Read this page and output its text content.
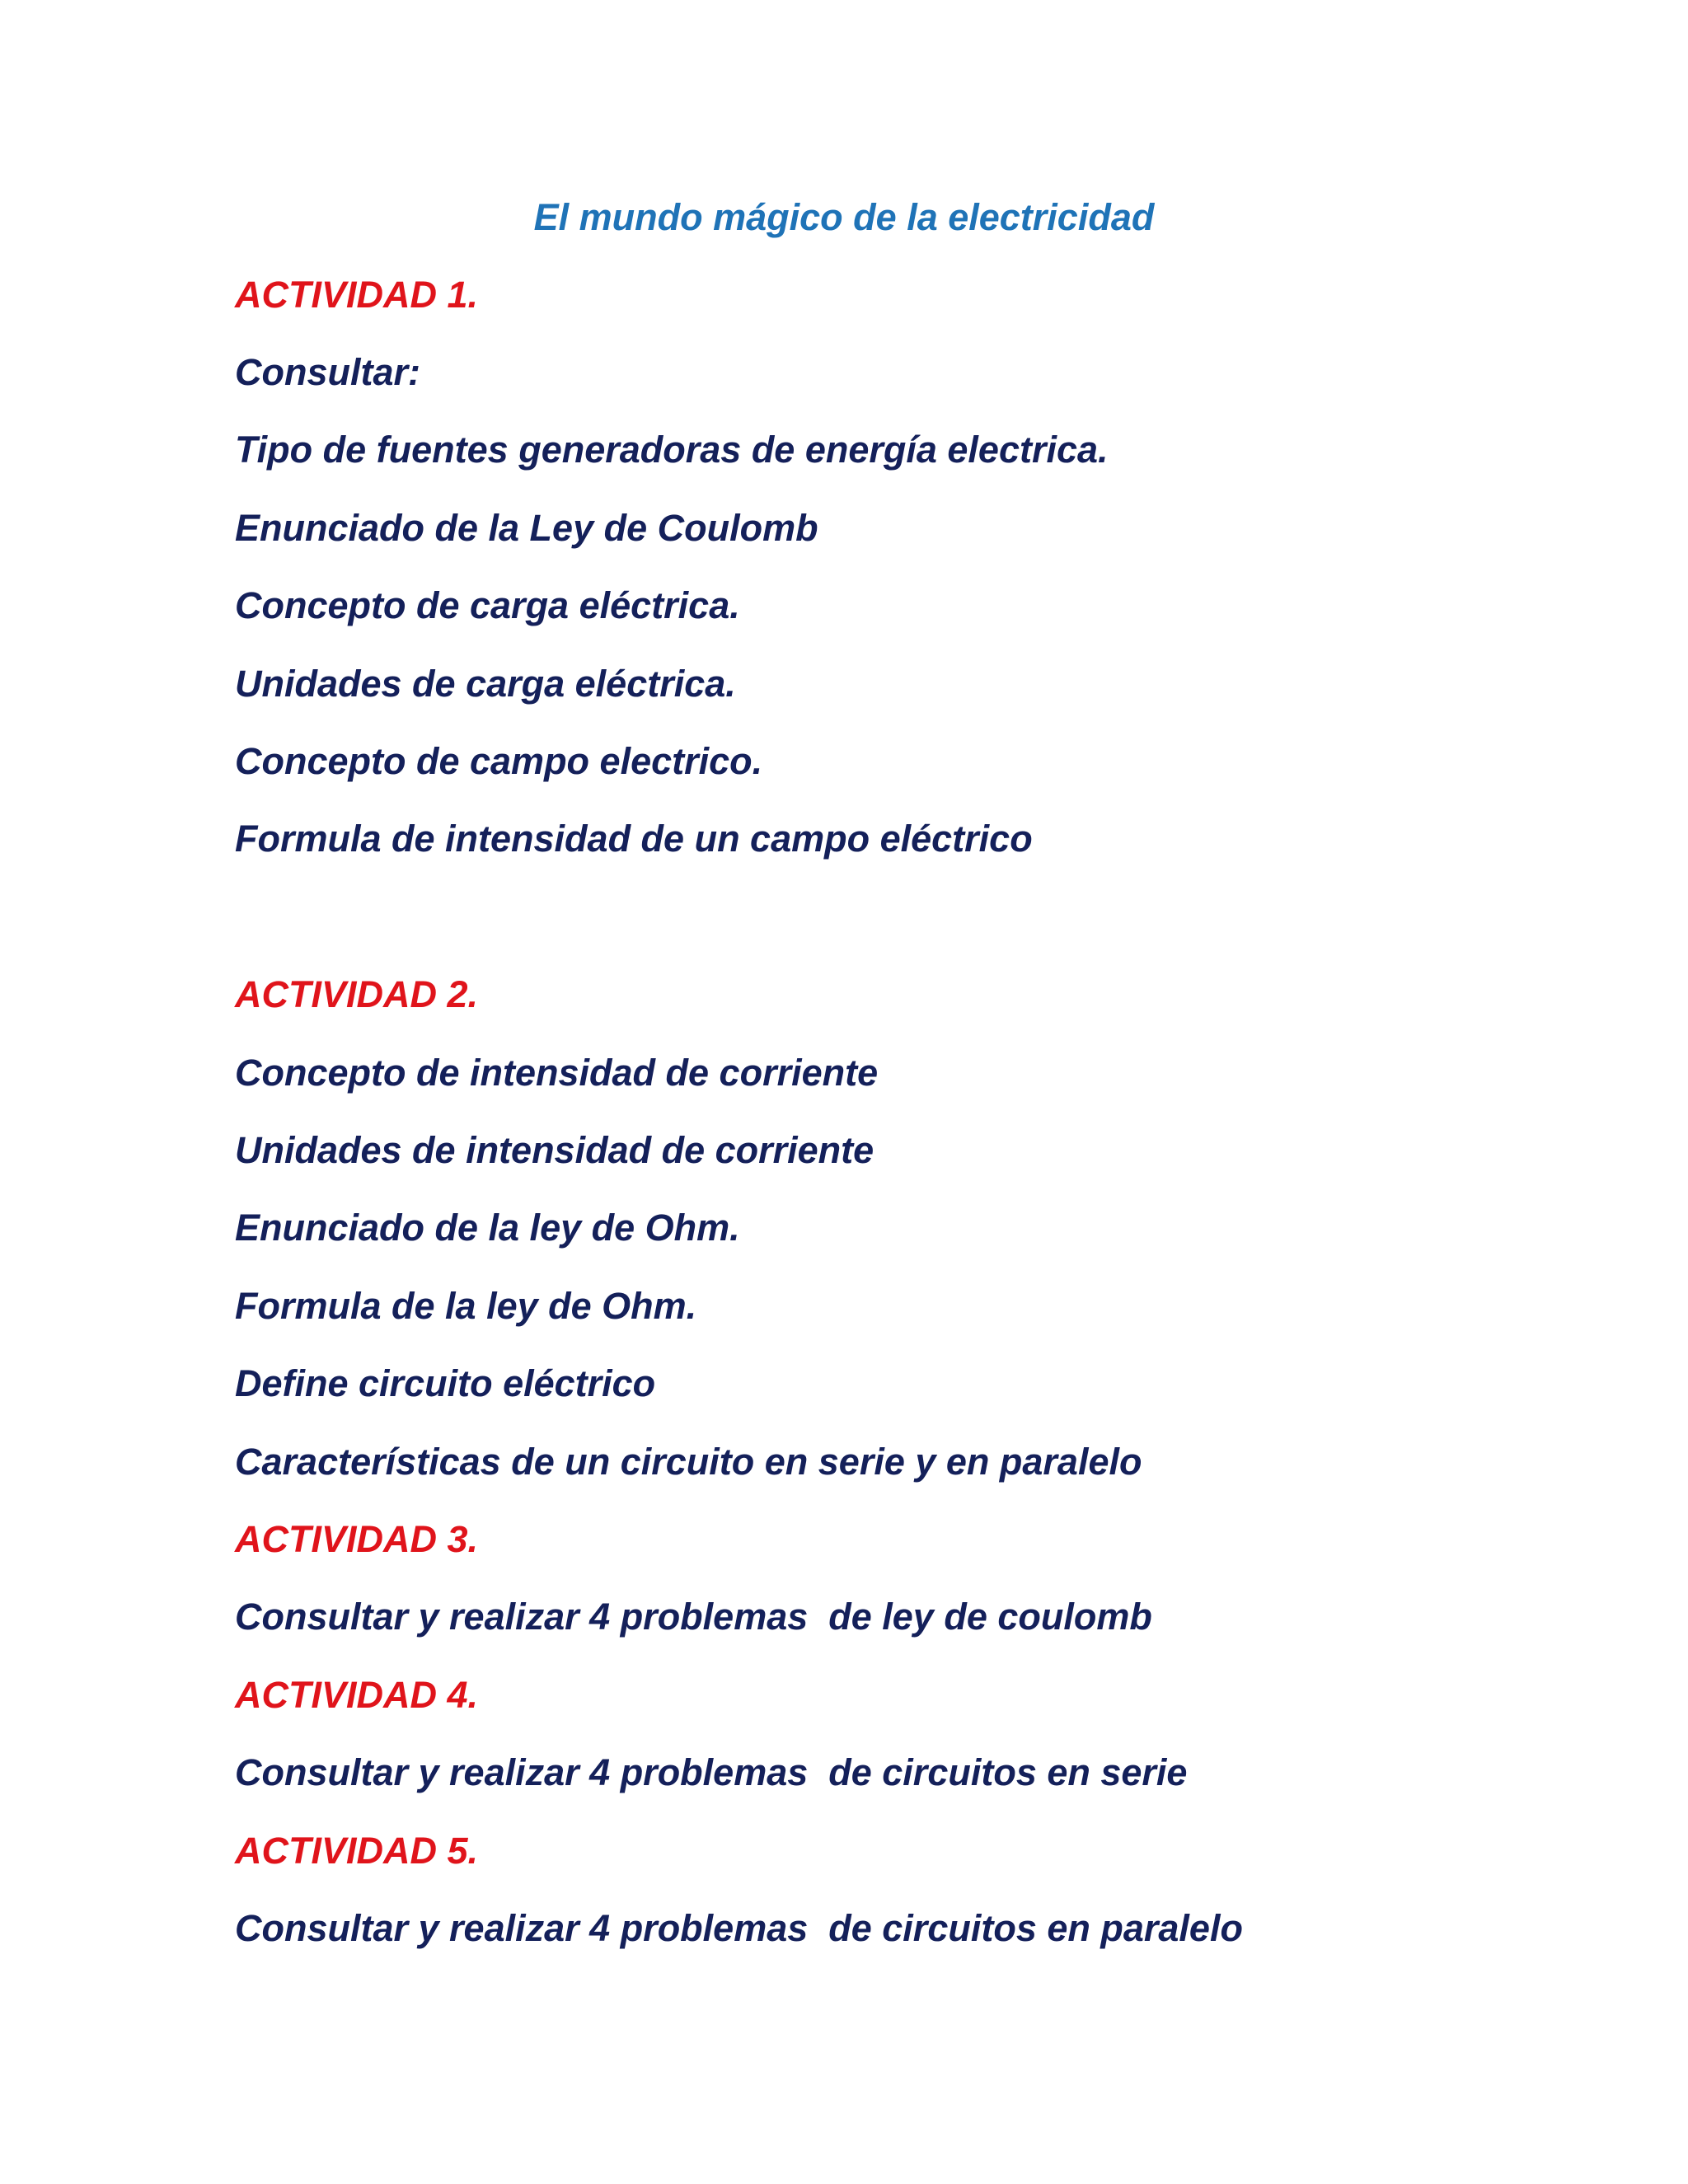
El mundo mágico de la electricidad

ACTIVIDAD 1.

Consultar:

Tipo de fuentes generadoras de energía electrica.

Enunciado de la Ley de Coulomb

Concepto de carga eléctrica.

Unidades de carga eléctrica.

Concepto de campo electrico.

Formula de intensidad de un campo eléctrico

ACTIVIDAD 2.

Concepto de intensidad de corriente

Unidades de intensidad de corriente

Enunciado de la ley de Ohm.

Formula de la ley de Ohm.

Define circuito eléctrico

Características de un circuito en serie y en paralelo

ACTIVIDAD 3.

Consultar y realizar 4 problemas  de ley de coulomb

ACTIVIDAD 4.

Consultar y realizar 4 problemas  de circuitos en serie

ACTIVIDAD 5.

Consultar y realizar 4 problemas  de circuitos en paralelo
